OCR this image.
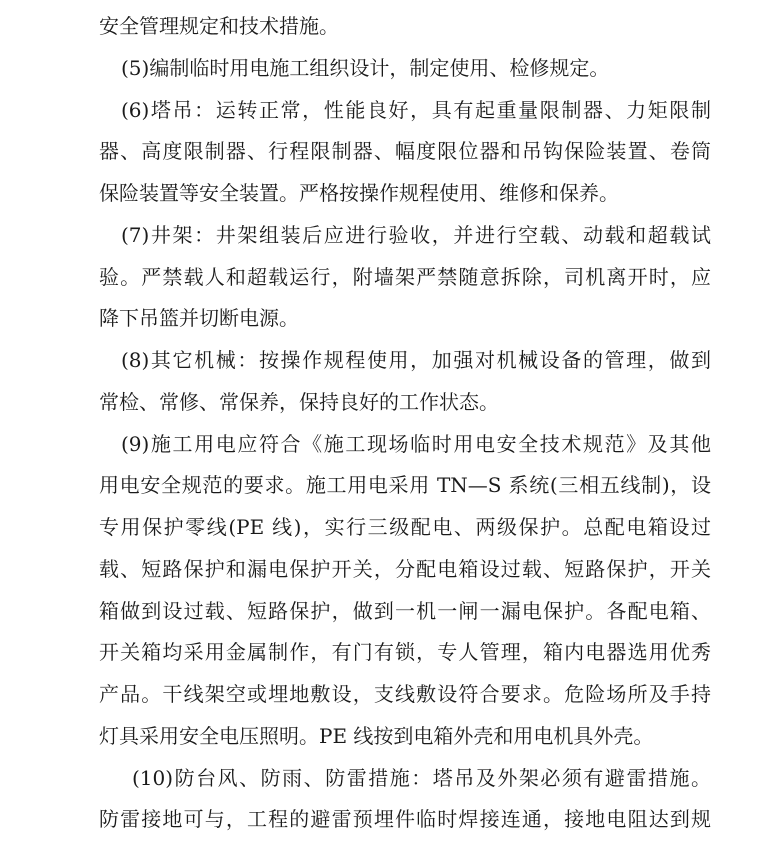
安全管理规定和技术措施。
(5)编制临时用电施工组织设计，制定使用、检修规定。
(6)塔吊：运转正常，性能良好，具有起重量限制器、力矩限制
器、高度限制器、行程限制器、幅度限位器和吊钩保险装置、卷筒
保险装置等安全装置。严格按操作规程使用、维修和保养。
(7)井架：井架组装后应进行验收，并进行空载、动载和超载试
验。严禁载人和超载运行，附墙架严禁随意拆除，司机离开时，应
降下吊篮并切断电源。
(8)其它机械：按操作规程使用，加强对机械设备的管理，做到
常检、常修、常保养，保持良好的工作状态。
(9)施工用电应符合《施工现场临时用电安全技术规范》及其他
用电安全规范的要求。施工用电采用 TN—S 系统(三相五线制)，设
专用保护零线(PE 线)，实行三级配电、两级保护。总配电箱设过
载、短路保护和漏电保护开关，分配电箱设过载、短路保护，开关
箱做到设过载、短路保护，做到一机一闸一漏电保护。各配电箱、
开关箱均采用金属制作，有门有锁，专人管理，箱内电器选用优秀
产品。干线架空或埋地敷设，支线敷设符合要求。危险场所及手持
灯具采用安全电压照明。PE 线按到电箱外壳和用电机具外壳。
(10)防台风、防雨、防雷措施：塔吊及外架必须有避雷措施。
防雷接地可与，工程的避雷预埋件临时焊接连通，接地电阻达到规
